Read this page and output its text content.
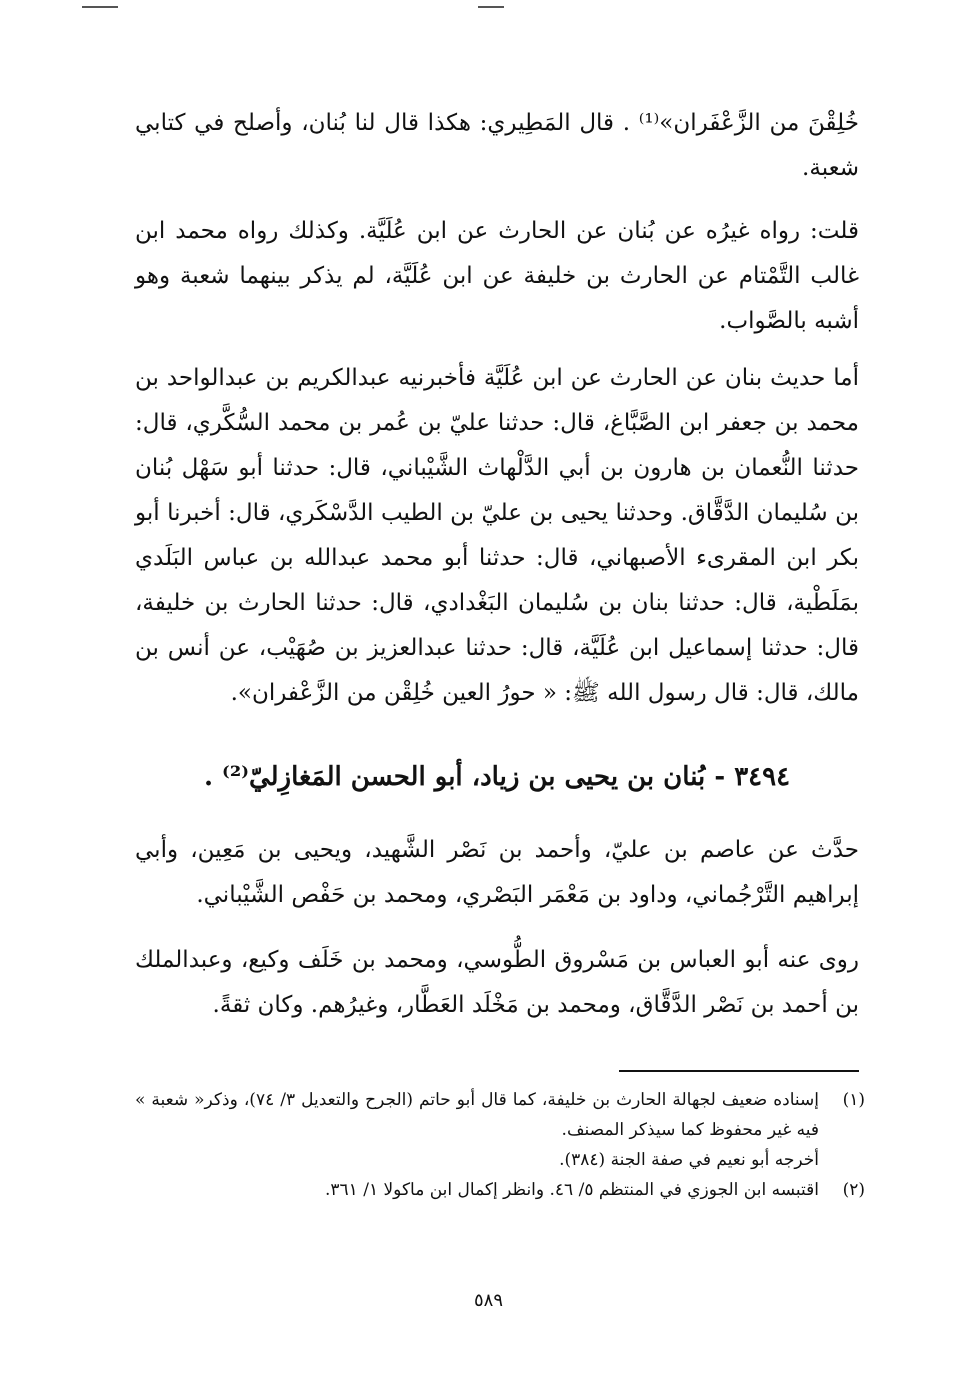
خُلِقْنَ من الزَّعْفَران»⁽¹⁾ . قال المَطِيري: هكذا قال لنا بُنان، وأصلح في كتابي شعبة.
قلت: رواه غيرُه عن بُنان عن الحارث عن ابن عُلَيَّة. وكذلك رواه محمد ابن غالب التَّمْتام عن الحارث بن خليفة عن ابن عُلَيَّة، لم يذكر بينهما شعبة وهو أشبه بالصَّواب.
أما حديث بنان عن الحارث عن ابن عُلَيَّة فأخبرنيه عبدالكريم بن عبدالواحد بن محمد بن جعفر ابن الصَّبَّاغ، قال: حدثنا عليّ بن عُمر بن محمد السُّكَّري، قال: حدثنا النُّعمان بن هارون بن أبي الدَّلْهاث الشَّيْباني، قال: حدثنا أبو سَهْل بُنان بن سُليمان الدَّقَّاق. وحدثنا يحيى بن عليّ بن الطيب الدَّسْكَري، قال: أخبرنا أبو بكر ابن المقرىء الأصبهاني، قال: حدثنا أبو محمد عبدالله بن عباس البَلَدي بمَلَطْية، قال: حدثنا بنان بن سُليمان البَغْدادي، قال: حدثنا الحارث بن خليفة، قال: حدثنا إسماعيل ابن عُلَيَّة، قال: حدثنا عبدالعزيز بن صُهَيْب، عن أنس بن مالك، قال: قال رسول الله ﷺ: « حورُ العين خُلِقْن من الزَّعْفران».
٣٤٩٤ - بُنان بن يحيى بن زياد، أبو الحسن المَغازِليّ⁽²⁾ .
حدَّث عن عاصم بن عليّ، وأحمد بن نَصْر الشَّهيد، ويحيى بن مَعِين، وأبي إبراهيم التَّرْجُماني، وداود بن مَعْمَر البَصْري، ومحمد بن حَفْص الشَّيْباني.
روى عنه أبو العباس بن مَسْروق الطُّوسي، ومحمد بن خَلَف وكيع، وعبدالملك بن أحمد بن نَصْر الدَّقَّاق، ومحمد بن مَخْلَد العَطَّار، وغيرُهم. وكان ثقةً.
(١)
إسناده ضعيف لجهالة الحارث بن خليفة، كما قال أبو حاتم (الجرح والتعديل ٣/ ٧٤)، وذكر« شعبة » فيه غير محفوظ كما سيذكر المصنف.
أخرجه أبو نعيم في صفة الجنة (٣٨٤).
(٢)
اقتبسه ابن الجوزي في المنتظم ٥/ ٤٦. وانظر إكمال ابن ماكولا ١/ ٣٦١.
٥٨٩
